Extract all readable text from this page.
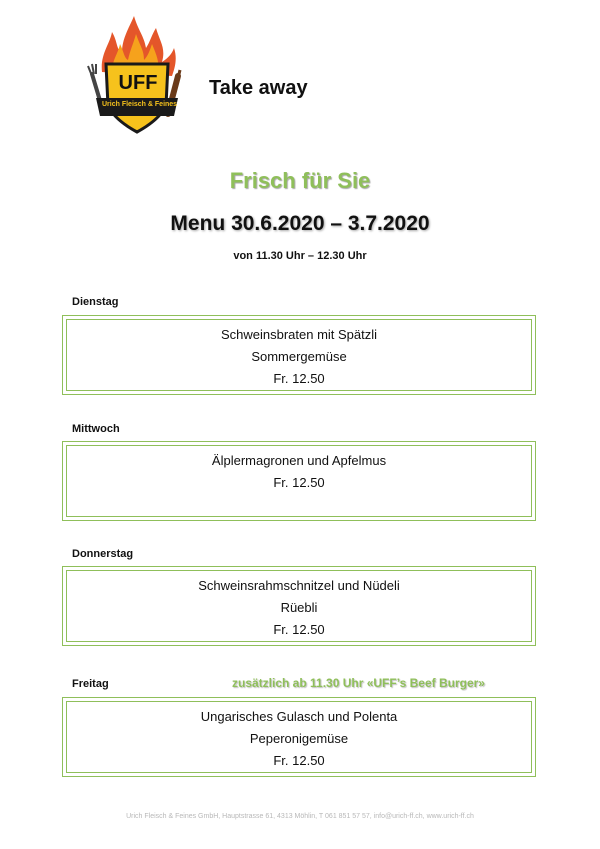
UFF
Urich Fleisch & Feines
Take away
Frisch für Sie
Menu 30.6.2020 – 3.7.2020
von 11.30 Uhr – 12.30 Uhr
Dienstag
Schweinsbraten mit Spätzli
Sommergemüse
Fr. 12.50
Mittwoch
Älplermagronen und Apfelmus
Fr. 12.50
Donnerstag
Schweinsrahmschnitzel und Nüdeli
Rüebli
Fr. 12.50
Freitag	zusätzlich ab 11.30 Uhr «UFF’s Beef Burger»
Ungarisches Gulasch und Polenta
Peperonigemüse
Fr. 12.50
Urich Fleisch & Feines GmbH, Hauptstrasse 61, 4313 Möhlin, T 061 851 57 57, info@urich-ff.ch, www.urich-ff.ch
